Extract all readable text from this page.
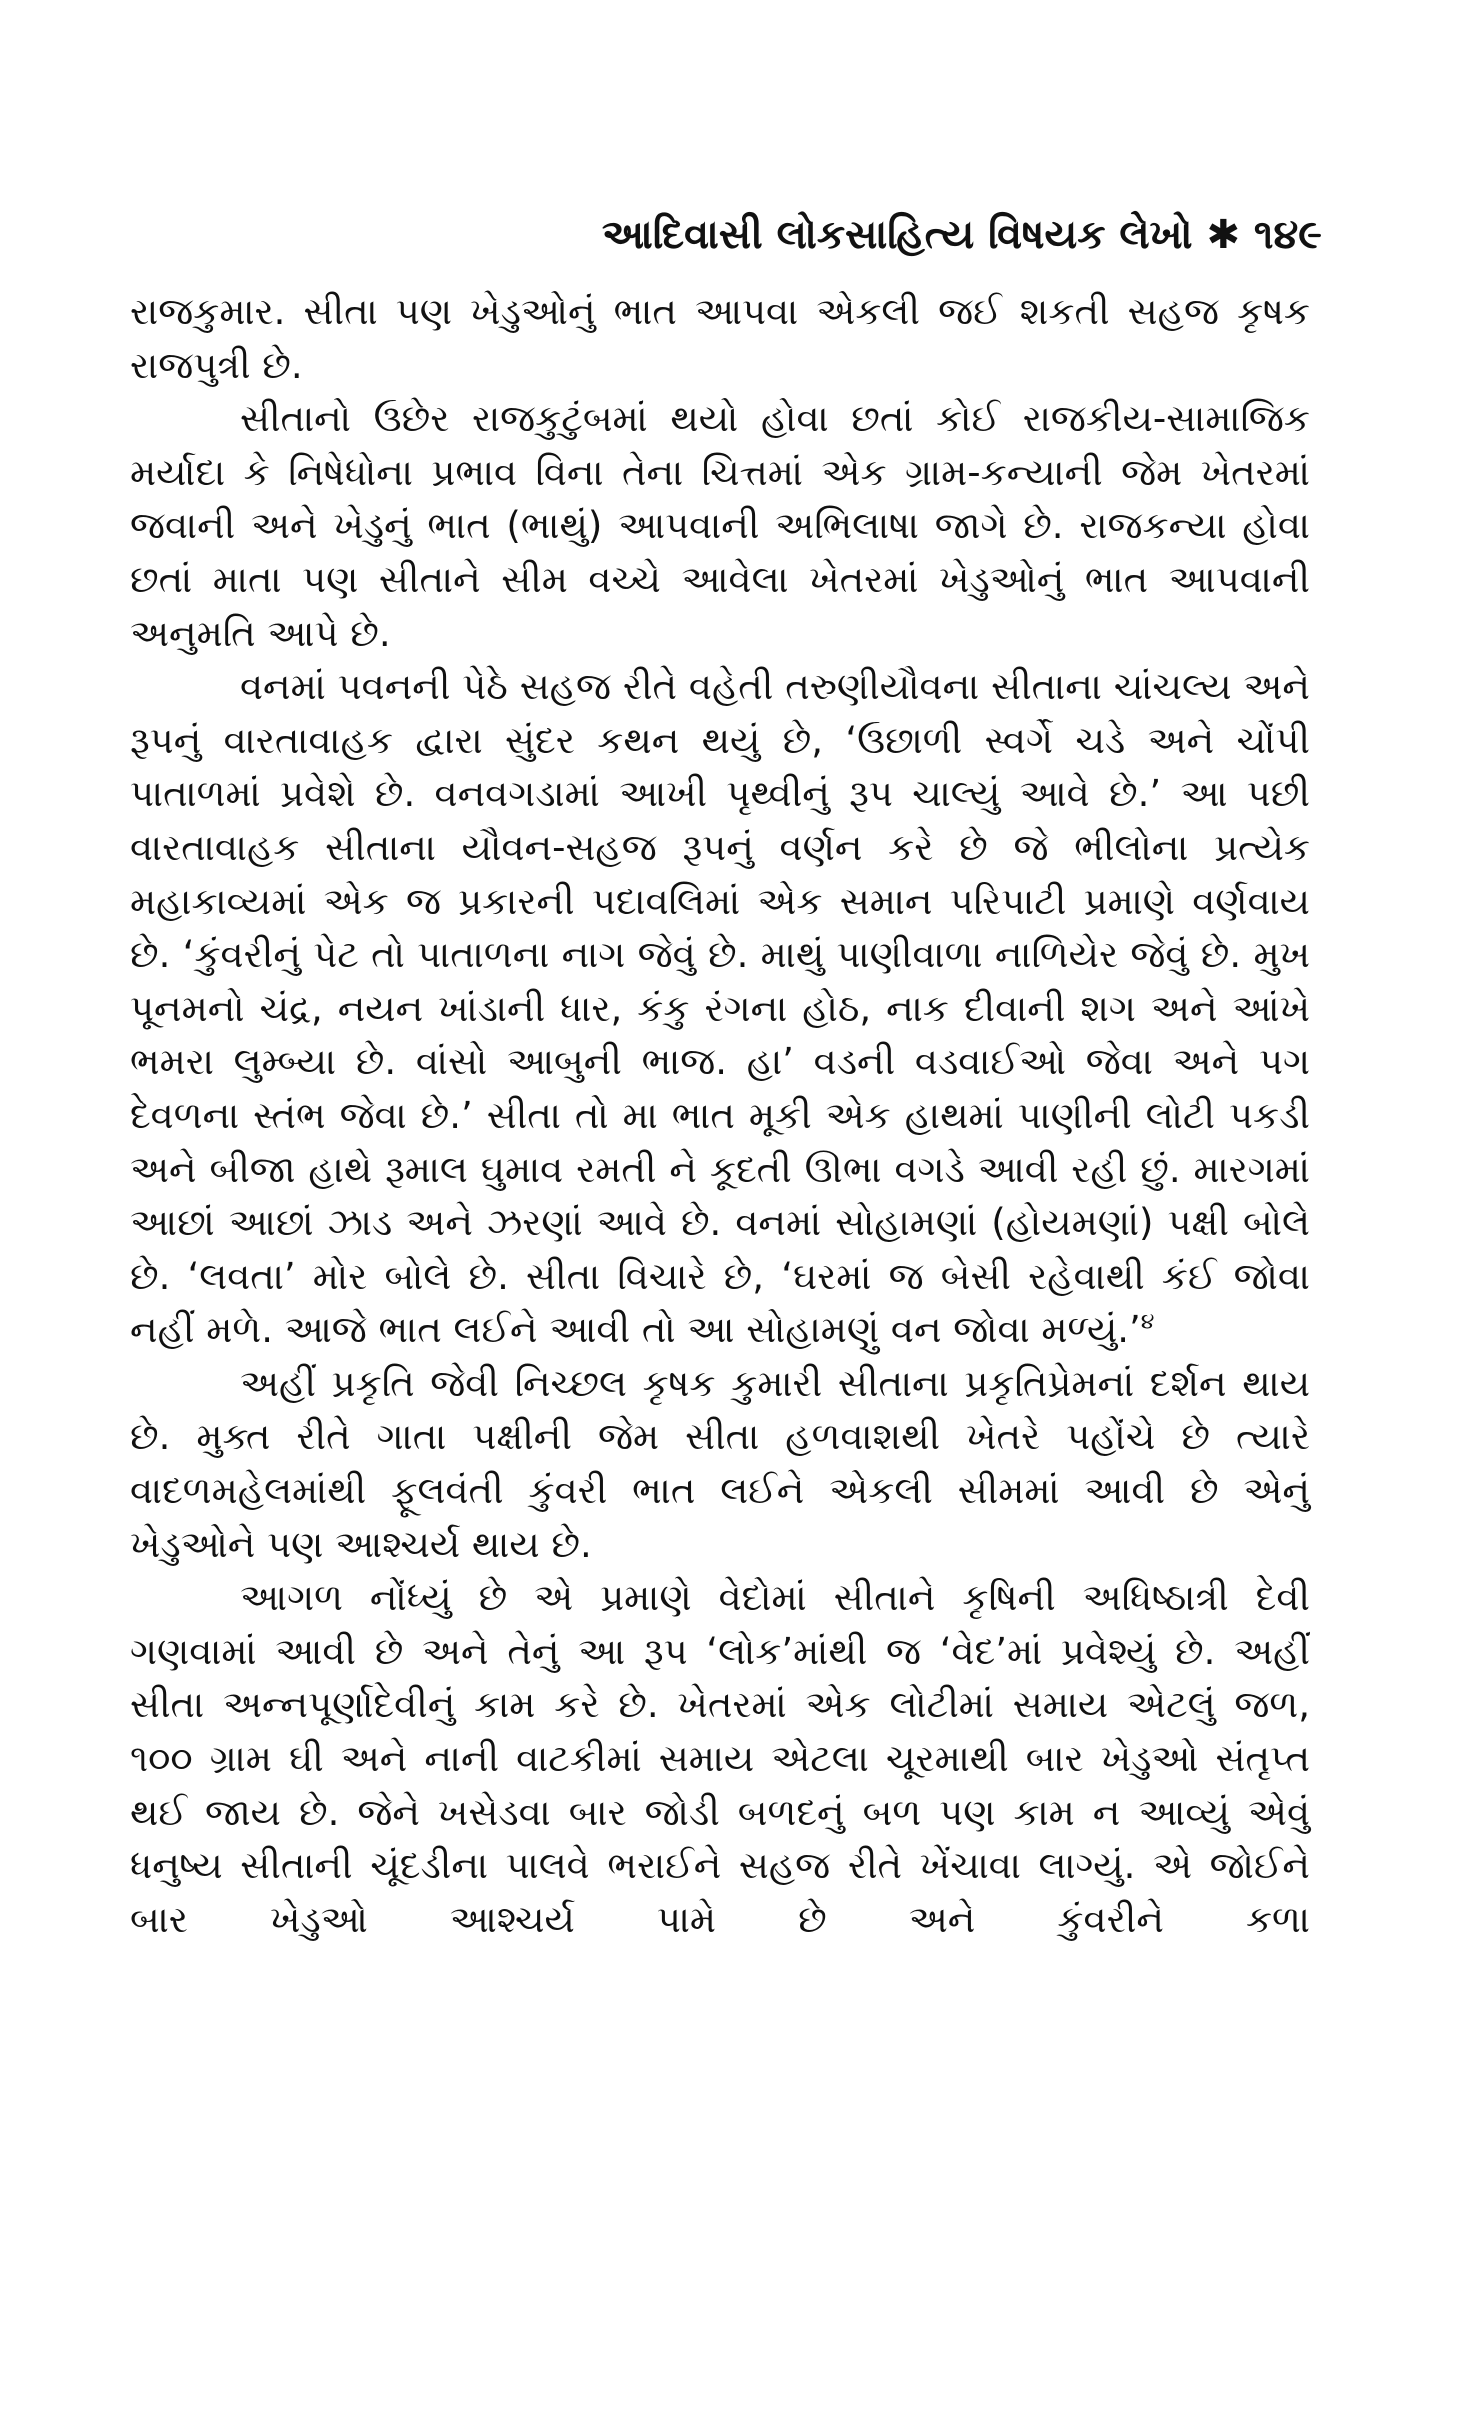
આદિવાસી લોકસાહિત્ય વિષયક લેખો ✱ ૧૪૯

રાજકુમાર. સીતા પણ ખેડુઓનું ભાત આપવા એકલી જઈ શકતી સહજ કૃષક રાજપુત્રી છે.

સીતાનો ઉછેર રાજકુટુંબમાં થયો હોવા છતાં કોઈ રાજકીય-સામાજિક મર્યાદા કે નિષેધોના પ્રભાવ વિના તેના ચિત્તમાં એક ગ્રામ-કન્યાની જેમ ખેતરમાં જવાની અને ખેડુનું ભાત (ભાથું) આપવાની અભિલાષા જાગે છે. રાજકન્યા હોવા છતાં માતા પણ સીતાને સીમ વચ્ચે આવેલા ખેતરમાં ખેડુઓનું ભાત આપવાની અનુમતિ આપે છે.

વનમાં પવનની પેઠે સહજ રીતે વહેતી તરુણીયૌવના સીતાના ચાંચલ્ય અને રૂપનું વારતાવાહક દ્વારા સુંદર કથન થયું છે, ‘ઉછાળી સ્વર્ગે ચડે અને ચોંપી પાતાળમાં પ્રવેશે છે. વનવગડામાં આખી પૃથ્વીનું રૂપ ચાલ્યું આવે છે.’ આ પછી વારતાવાહક સીતાના યૌવન-સહજ રૂપનું વર્ણન કરે છે જે ભીલોના પ્રત્યેક મહાકાવ્યમાં એક જ પ્રકારની પદાવલિમાં એક સમાન પરિપાટી પ્રમાણે વર્ણવાય છે. ‘કુંવરીનું પેટ તો પાતાળના નાગ જેવું છે. માથું પાણીવાળા નાળિયેર જેવું છે. મુખ પૂનમનો ચંદ્ર, નયન ખાંડાની ધાર, કંકુ રંગના હોઠ, નાક દીવાની શગ અને આંખે ભમરા લુમ્બ્યા છે. વાંસો આબુની ભાજ. હા’ વડની વડવાઈઓ જેવા અને પગ દેવળના સ્તંભ જેવા છે.’ સીતા તો મા ભાત મૂકી એક હાથમાં પાણીની લોટી પકડી અને બીજા હાથે રૂમાલ ઘુમાવ રમતી ને કૂદતી ઊભા વગડે આવી રહી છું. મારગમાં આછાં આછાં ઝાડ અને ઝરણાં આવે છે. વનમાં સોહામણાં (હોયમણાં) પક્ષી બોલે છે. ‘લવતા’ મોર બોલે છે. સીતા વિચારે છે, ‘ઘરમાં જ બેસી રહેવાથી કંઈ જોવા નહીં મળે. આજે ભાત લઈને આવી તો આ સોહામણું વન જોવા મળ્યું.’$^૪$

અહીં પ્રકૃતિ જેવી નિચ્છલ કૃષક કુમારી સીતાના પ્રકૃતિપ્રેમનાં દર્શન થાય છે. મુક્ત રીતે ગાતા પક્ષીની જેમ સીતા હળવાશથી ખેતરે પહોંચે છે ત્યારે વાદળમહેલમાંથી ફૂલવંતી કુંવરી ભાત લઈને એકલી સીમમાં આવી છે એનું ખેડુઓને પણ આશ્ચર્ય થાય છે.

આગળ નોંધ્યું છે એ પ્રમાણે વેદોમાં સીતાને કૃષિની અધિષ્ઠાત્રી દેવી ગણવામાં આવી છે અને તેનું આ રૂપ ‘લોક’માંથી જ ‘વેદ’માં પ્રવેશ્યું છે. અહીં સીતા અન્નપૂર્ણાદેવીનું કામ કરે છે. ખેતરમાં એક લોટીમાં સમાય એટલું જળ, ૧૦૦ ગ્રામ ઘી અને નાની વાટકીમાં સમાય એટલા ચૂરમાથી બાર ખેડુઓ સંતૃપ્ત થઈ જાય છે. જેને ખસેડવા બાર જોડી બળદનું બળ પણ કામ ન આવ્યું એવું ધનુષ્ય સીતાની ચૂંદડીના પાલવે ભરાઈને સહજ રીતે ખેંચાવા લાગ્યું. એ જોઈને બાર ખેડુઓ આશ્ચર્ય પામે છે અને કુંવરીને કળા
